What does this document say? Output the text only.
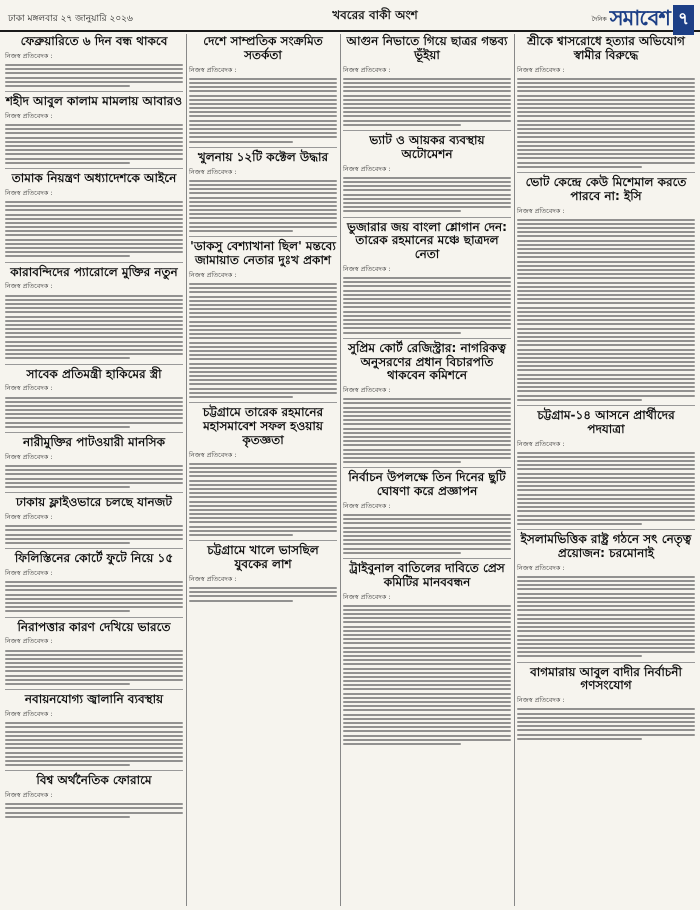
ঢাকা মঙ্গলবার ২৭ জানুয়ারি ২০২৬	খবরের বাকী অংশ	দৈনিক সমাবেশ ৭
ফেব্রুয়ারিতে ৬ দিন বন্ধ থাকবে
নিজস্ব প্রতিবেদক :
শহীদ আবুল কালাম মামলায় আবারও
নিজস্ব প্রতিবেদক :
তামাক নিয়ন্ত্রণ অধ্যাদেশকে আইনে
নিজস্ব প্রতিবেদক :
কারাবন্দিদের প্যারোলে মুক্তির নতুন
নিজস্ব প্রতিবেদক :
সাবেক প্রতিমন্ত্রী হাকিমের স্ত্রী
নিজস্ব প্রতিবেদক :
নারীমুক্তির পাটওয়ারী মানসিক
নিজস্ব প্রতিবেদক :
ঢাকায় ফ্লাইওভারে চলছে যানজট
নিজস্ব প্রতিবেদক :
ফিলিস্তিনের কোর্টে ফুটে নিয়ে ১৫
নিজস্ব প্রতিবেদক :
নিরাপত্তার কারণ দেখিয়ে ভারতে
নিজস্ব প্রতিবেদক :
নবায়নযোগ্য জ্বালানি ব্যবস্থায়
নিজস্ব প্রতিবেদক :
বিশ্ব অর্থনৈতিক ফোরামে
নিজস্ব প্রতিবেদক :
দেশে সাম্প্রতিক সংক্রমিত সতর্কতা
নিজস্ব প্রতিবেদক :
খুলনায় ১২টি কক্টেল উদ্ধার
নিজস্ব প্রতিবেদক :
'ডাকসু বেশ্যাখানা ছিল' মন্তব্যে জামায়াত নেতার দুঃখ প্রকাশ
নিজস্ব প্রতিবেদক :
চট্টগ্রামে তারেক রহমানের মহাসমাবেশ সফল হওয়ায় কৃতজ্ঞতা
নিজস্ব প্রতিবেদক :
চট্টগ্রামে খালে ভাসছিল যুবকের লাশ
নিজস্ব প্রতিবেদক :
আগুন নিভাতে গিয়ে ছাত্রর গন্তব্য ভূঁইয়া
নিজস্ব প্রতিবেদক :
ভ্যাট ও আয়কর ব্যবস্থায় অটোমেশন
নিজস্ব প্রতিবেদক :
ভুজারার জয় বাংলা শ্লোগান দেন: তারেক রহমানের মঞ্চে ছাত্রদল নেতা
নিজস্ব প্রতিবেদক :
সুপ্রিম কোর্ট রেজিস্ট্রার: নাগরিকত্ব অনুসরণের প্রধান বিচারপতি থাকবেন কমিশনে
নিজস্ব প্রতিবেদক :
নির্বাচন উপলক্ষে তিন দিনের ছুটি ঘোষণা করে প্রজ্ঞাপন
নিজস্ব প্রতিবেদক :
ট্রাইবুনাল বাতিলের দাবিতে প্রেস কমিটির মানববন্ধন
নিজস্ব প্রতিবেদক :
শ্রীকে শ্বাসরোধে হত্যার অভিযোগ স্বামীর বিরুদ্ধে
নিজস্ব প্রতিবেদক :
ভোট কেন্দ্রে কেউ মিশেমাল করতে পারবে না: ইসি
নিজস্ব প্রতিবেদক :
চট্টগ্রাম-১৪ আসনে প্রার্থীদের পদযাত্রা
নিজস্ব প্রতিবেদক :
ইসলামভিত্তিক রাষ্ট্র গঠনে সৎ নেতৃত্ব প্রয়োজন: চরমোনাই
নিজস্ব প্রতিবেদক :
বাগমারায় আবুল বাদীর নির্বাচনী গণসংযোগ
নিজস্ব প্রতিবেদক :
